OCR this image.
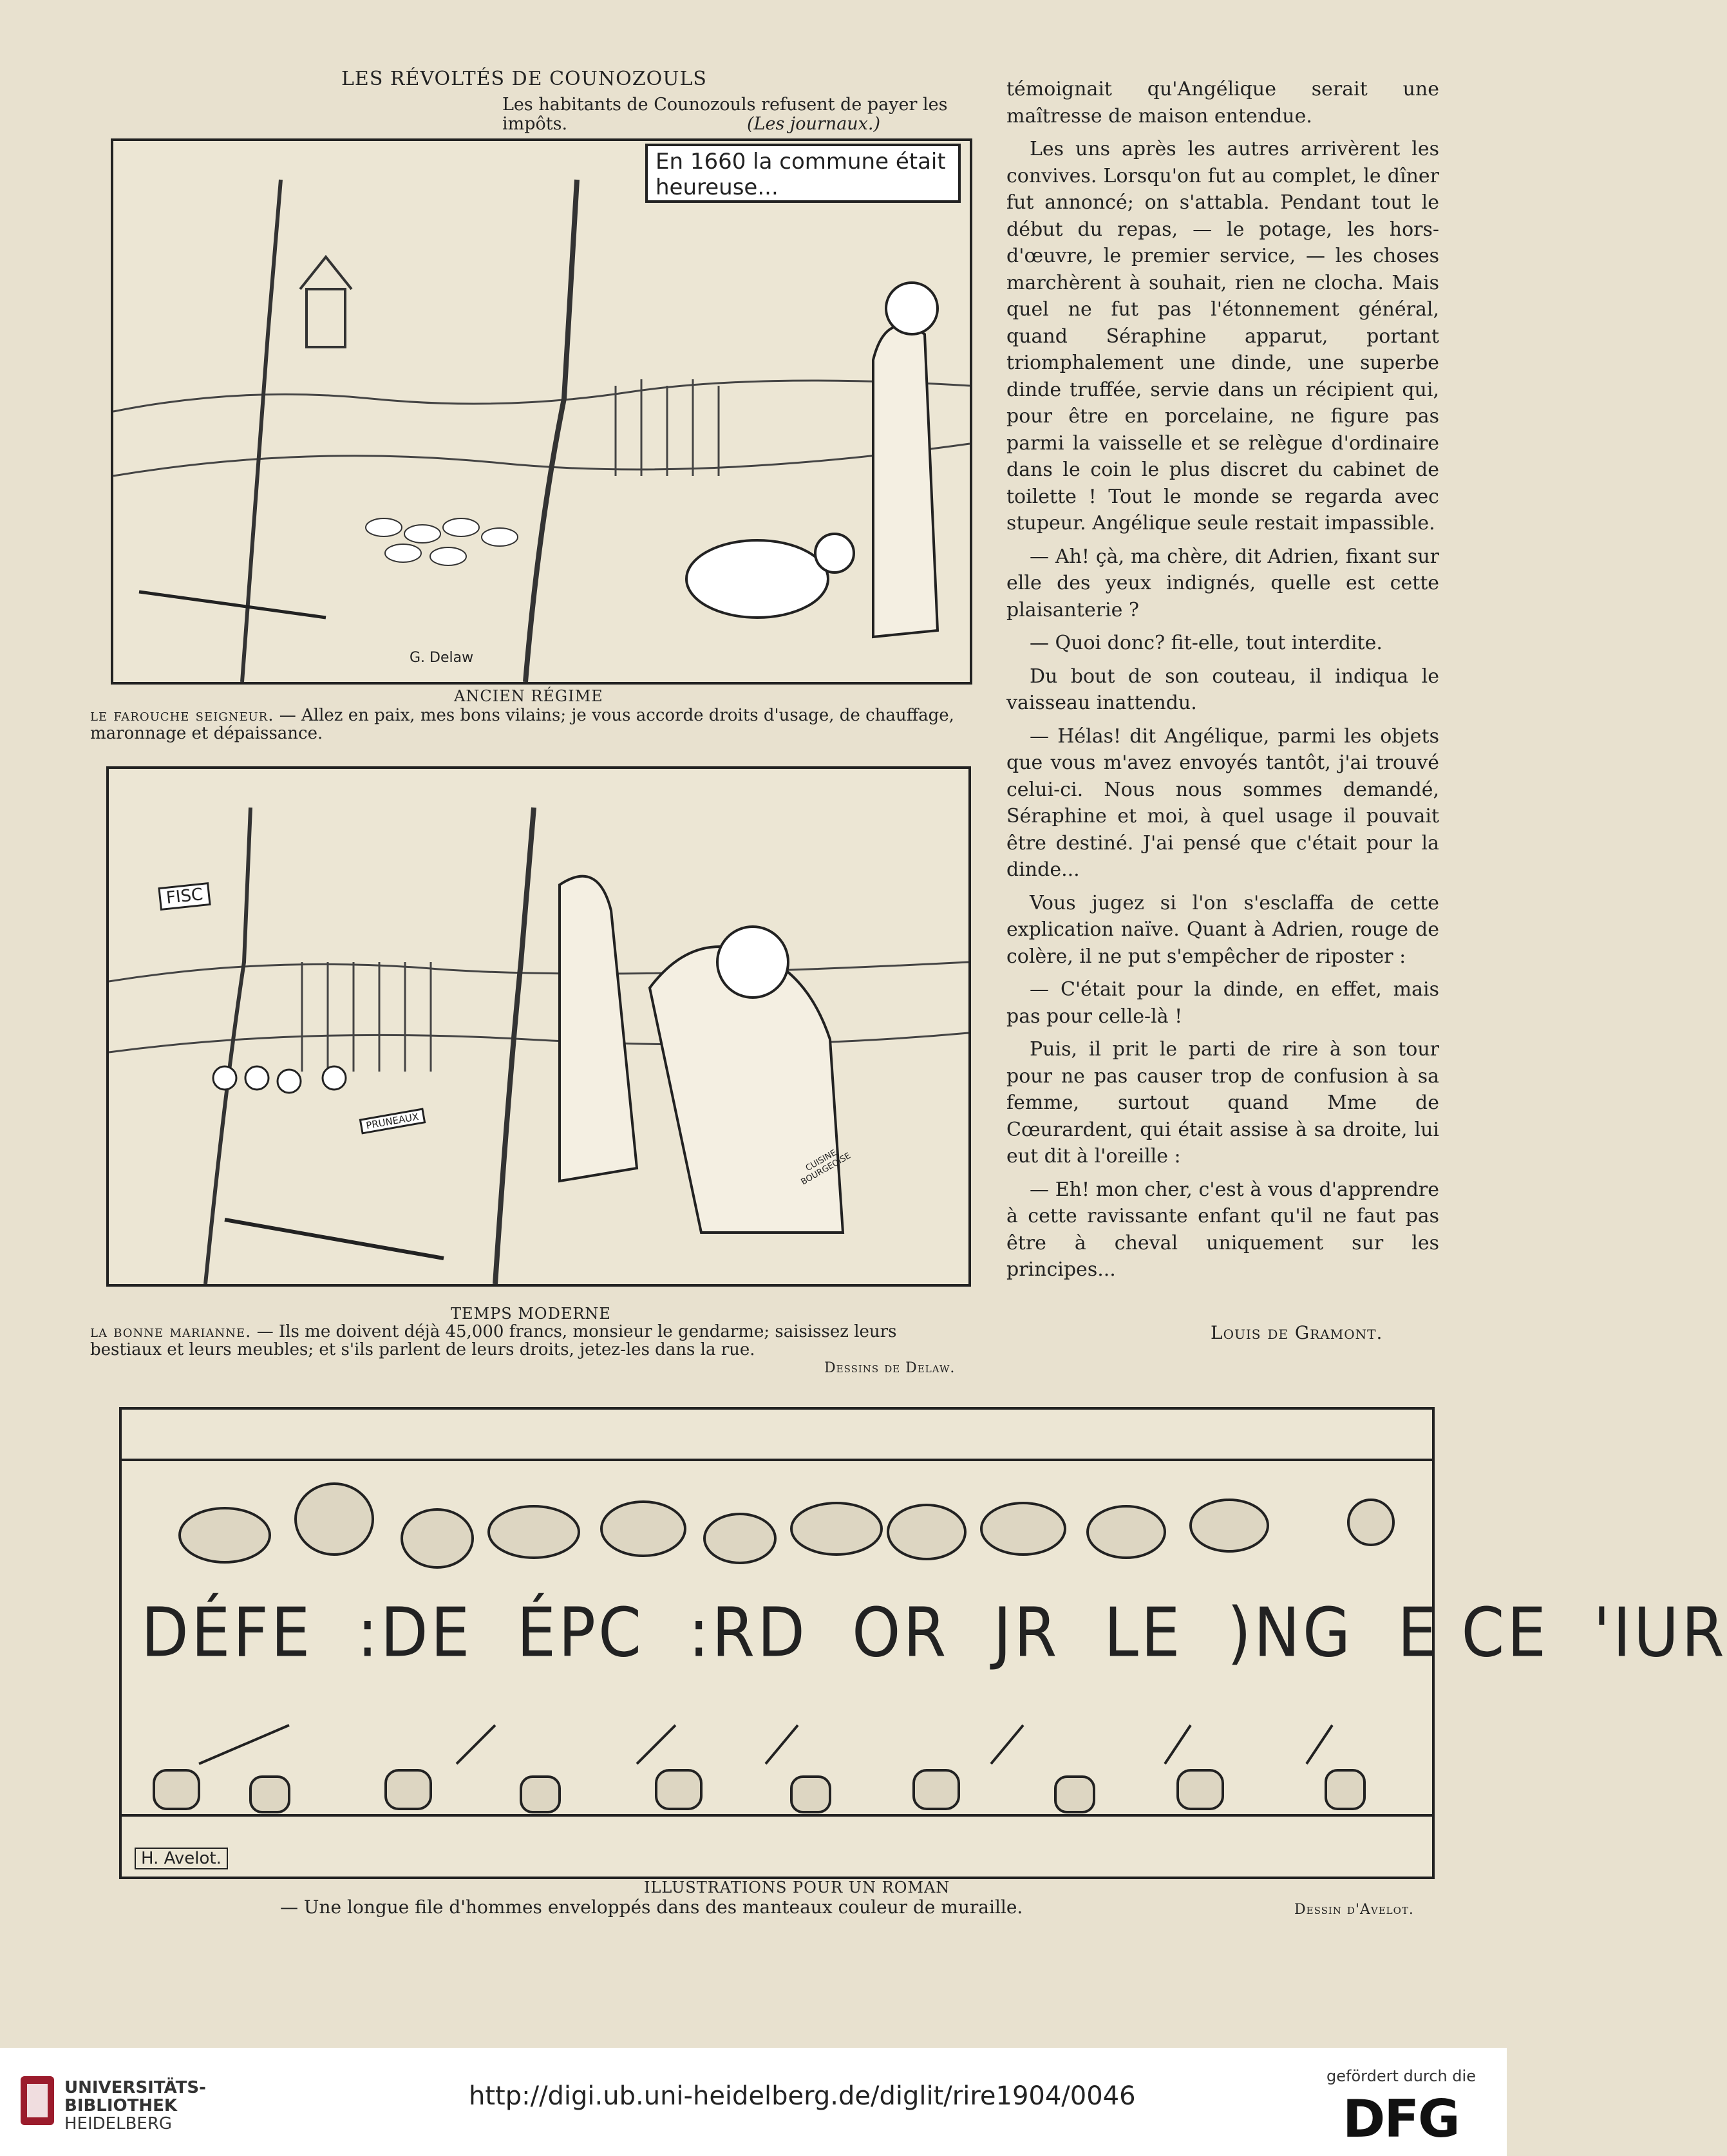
LES RÉVOLTÉS DE COUNOZOULS
Les habitants de Counozouls refusent de payer les impôts.	(Les journaux.)
En 1660 la commune était heureuse...
G. Delaw
ANCIEN RÉGIME
le farouche seigneur. — Allez en paix, mes bons vilains; je vous accorde droits d'usage, de chauffage, maronnage et dépaissance.
FISC
PRUNEAUX
CUISINE BOURGEOISE
TEMPS MODERNE
la bonne marianne. — Ils me doivent déjà 45,000 francs, monsieur le gendarme; saisissez leurs bestiaux et leurs meubles; et s'ils parlent de leurs droits, jetez-les dans la rue.
Dessins de Delaw.

témoignait qu'Angélique serait une maîtresse de maison entendue.

Les uns après les autres arrivèrent les convives. Lorsqu'on fut au complet, le dîner fut annoncé; on s'attabla. Pendant tout le début du repas, — le potage, les hors-d'œuvre, le premier service, — les choses marchèrent à souhait, rien ne clocha. Mais quel ne fut pas l'étonnement général, quand Séraphine apparut, portant triomphalement une dinde, une superbe dinde truffée, servie dans un récipient qui, pour être en porcelaine, ne figure pas parmi la vaisselle et se relègue d'ordinaire dans le coin le plus discret du cabinet de toilette ! Tout le monde se regarda avec stupeur. Angélique seule restait impassible.

— Ah! çà, ma chère, dit Adrien, fixant sur elle des yeux indignés, quelle est cette plaisanterie ?

— Quoi donc? fit-elle, tout interdite.

Du bout de son couteau, il indiqua le vaisseau inattendu.

— Hélas! dit Angélique, parmi les objets que vous m'avez envoyés tantôt, j'ai trouvé celui-ci. Nous nous sommes demandé, Séraphine et moi, à quel usage il pouvait être destiné. J'ai pensé que c'était pour la dinde...

Vous jugez si l'on s'esclaffa de cette explication naïve. Quant à Adrien, rouge de colère, il ne put s'empêcher de riposter :

— C'était pour la dinde, en effet, mais pas pour celle-là !

Puis, il prit le parti de rire à son tour pour ne pas causer trop de confusion à sa femme, surtout quand Mme de Cœurardent, qui était assise à sa droite, lui eut dit à l'oreille :

— Eh! mon cher, c'est à vous d'apprendre à cette ravissante enfant qu'il ne faut pas être à cheval uniquement sur les principes...

Louis de Gramont.
DÉFE  :DE  ÉPC  :RD  OR  JR  LE  )NG  E CE  'IUR
H. Avelot.
ILLUSTRATIONS POUR UN ROMAN
— Une longue file d'hommes enveloppés dans des manteaux couleur de muraille.	Dessin d'Avelot.
UNIVERSITÄTS-
BIBLIOTHEK
HEIDELBERG
http://digi.ub.uni-heidelberg.de/diglit/rire1904/0046
gefördert durch die
DFG
